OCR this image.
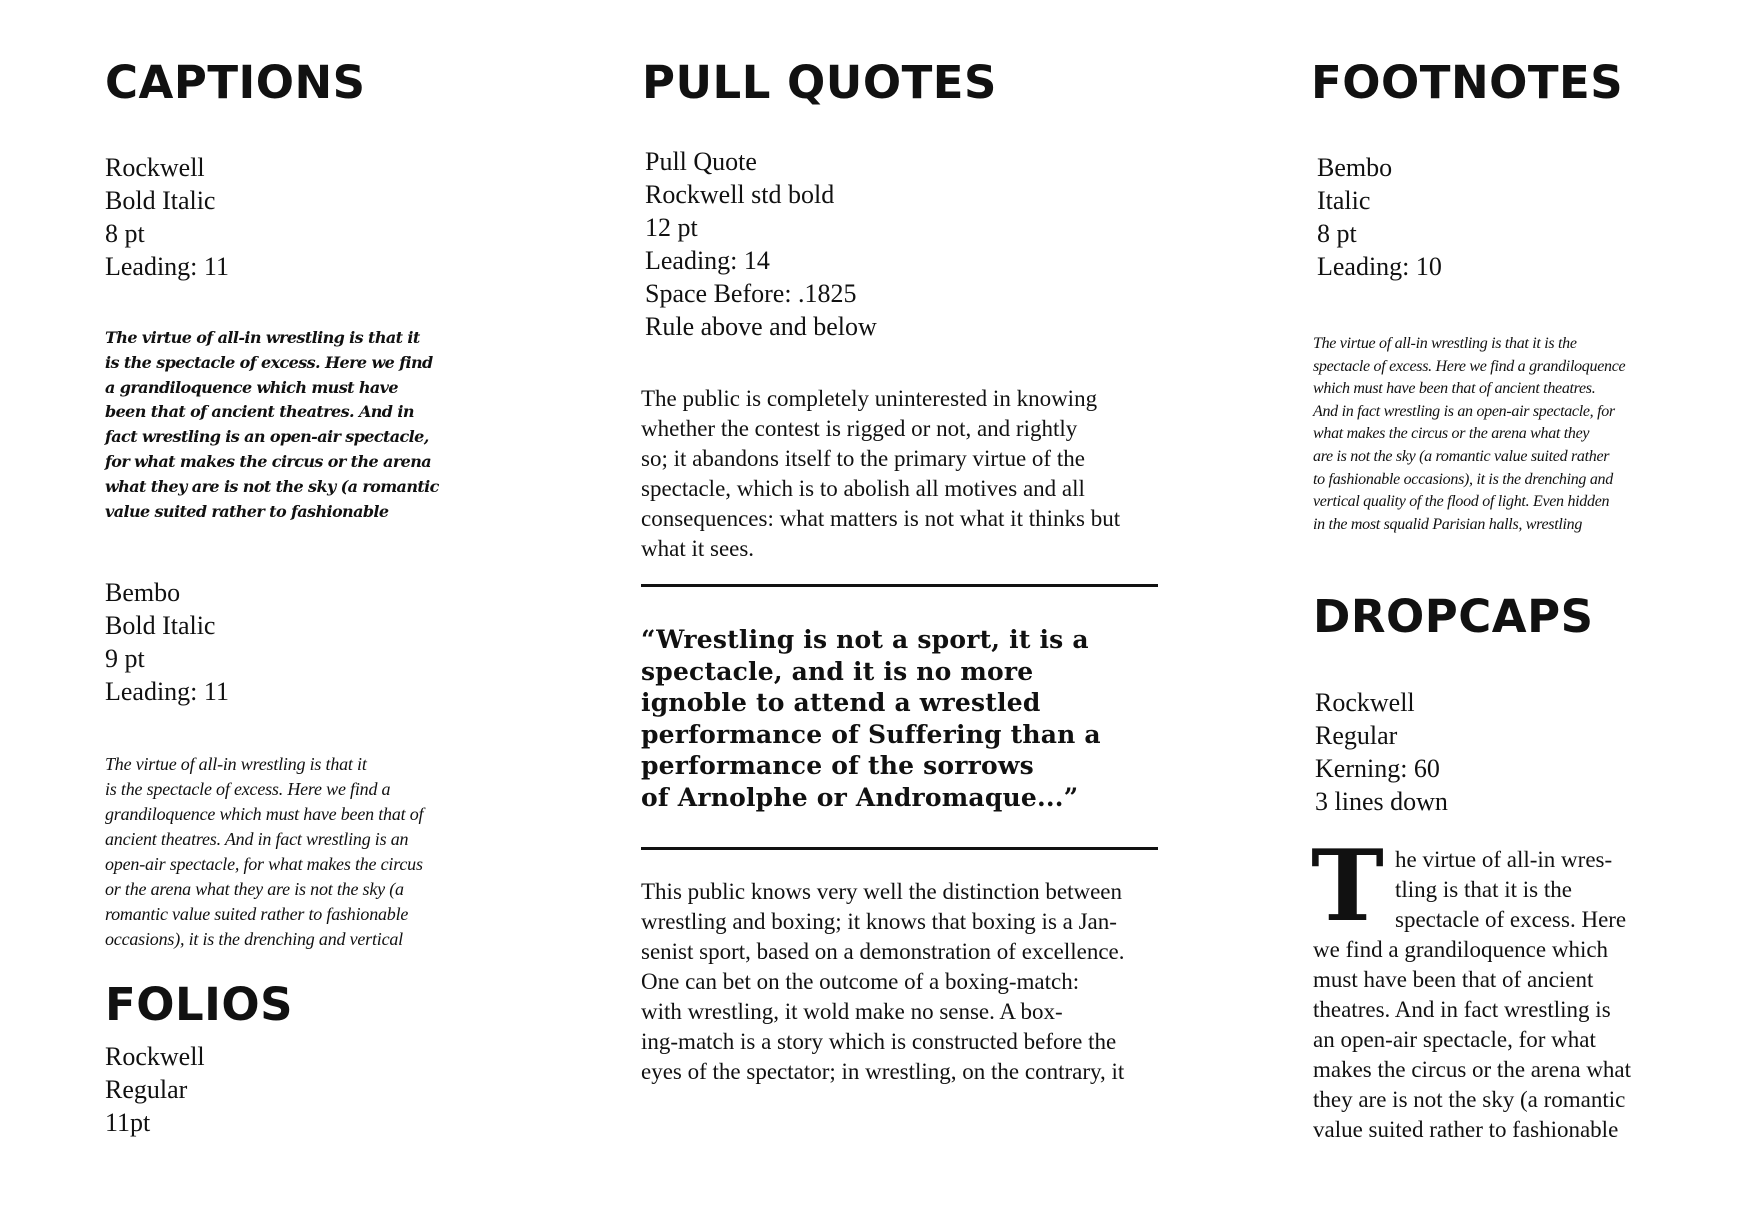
CAPTIONS
Rockwell
Bold Italic
8 pt
Leading: 11
The virtue of all-in wrestling is that it
is the spectacle of excess. Here we find
a grandiloquence which must have
been that of ancient theatres. And in
fact wrestling is an open-air spectacle,
for what makes the circus or the arena
what they are is not the sky (a romantic
value suited rather to fashionable
Bembo
Bold Italic
9 pt
Leading: 11
The virtue of all-in wrestling is that it
is the spectacle of excess. Here we find a
grandiloquence which must have been that of
ancient theatres. And in fact wrestling is an
open-air spectacle, for what makes the circus
or the arena what they are is not the sky (a
romantic value suited rather to fashionable
occasions), it is the drenching and vertical
FOLIOS
Rockwell
Regular
11pt
PULL QUOTES
Pull Quote
Rockwell std bold
12 pt
Leading: 14
Space Before: .1825
Rule above and below
The public is completely uninterested in knowing
whether the contest is rigged or not, and rightly
so; it abandons itself to the primary virtue of the
spectacle, which is to abolish all motives and all
consequences: what matters is not what it thinks but
what it sees.
“Wrestling is not a sport, it is a
spectacle, and it is no more
ignoble to attend a wrestled
performance of Suffering than a
performance of the sorrows
of Arnolphe or Andromaque...”
This public knows very well the distinction between
wrestling and boxing; it knows that boxing is a Jan-
senist sport, based on a demonstration of excellence.
One can bet on the outcome of a boxing-match:
with wrestling, it wold make no sense. A box-
ing-match is a story which is constructed before the
eyes of the spectator; in wrestling, on the contrary, it
FOOTNOTES
Bembo
Italic
8 pt
Leading: 10
The virtue of all-in wrestling is that it is the
spectacle of excess. Here we find a grandiloquence
which must have been that of ancient theatres.
And in fact wrestling is an open-air spectacle, for
what makes the circus or the arena what they
are is not the sky (a romantic value suited rather
to fashionable occasions), it is the drenching and
vertical quality of the flood of light. Even hidden
in the most squalid Parisian halls, wrestling
DROPCAPS
Rockwell
Regular
Kerning: 60
3 lines down
T he virtue of all-in wres-
tling is that it is the
spectacle of excess. Here
we find a grandiloquence which
must have been that of ancient
theatres. And in fact wrestling is
an open-air spectacle, for what
makes the circus or the arena what
they are is not the sky (a romantic
value suited rather to fashionable
